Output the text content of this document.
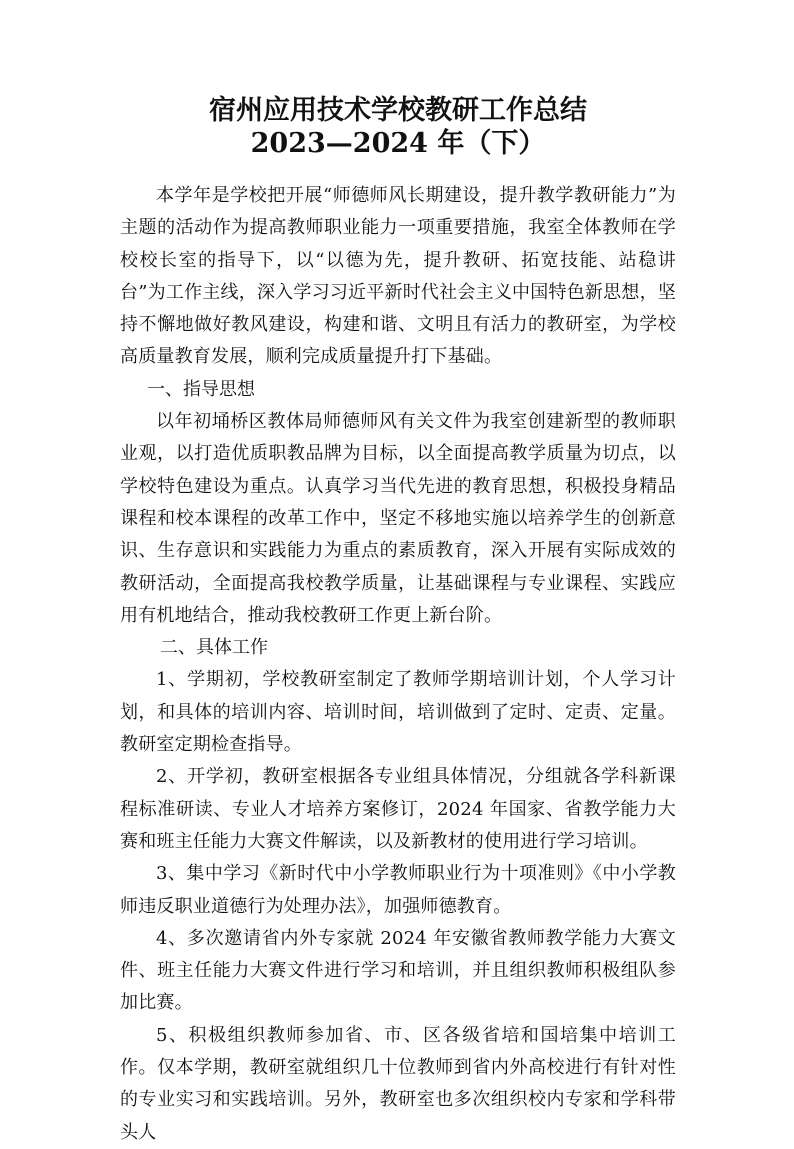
宿州应用技术学校教研工作总结

2023—2024 年（下）

本学年是学校把开展“师德师风长期建设，提升教学教研能力”为主题的活动作为提高教师职业能力一项重要措施，我室全体教师在学校校长室的指导下，以“以德为先，提升教研、拓宽技能、站稳讲台”为工作主线，深入学习习近平新时代社会主义中国特色新思想，坚持不懈地做好教风建设，构建和谐、文明且有活力的教研室，为学校高质量教育发展，顺利完成质量提升打下基础。

一、指导思想

以年初埇桥区教体局师德师风有关文件为我室创建新型的教师职业观，以打造优质职教品牌为目标，以全面提高教学质量为切点，以学校特色建设为重点。认真学习当代先进的教育思想，积极投身精品课程和校本课程的改革工作中，坚定不移地实施以培养学生的创新意识、生存意识和实践能力为重点的素质教育，深入开展有实际成效的教研活动，全面提高我校教学质量，让基础课程与专业课程、实践应用有机地结合，推动我校教研工作更上新台阶。

二、具体工作

1、学期初，学校教研室制定了教师学期培训计划，个人学习计划，和具体的培训内容、培训时间，培训做到了定时、定责、定量。教研室定期检查指导。

2、开学初，教研室根据各专业组具体情况，分组就各学科新课程标准研读、专业人才培养方案修订，2024 年国家、省教学能力大赛和班主任能力大赛文件解读，以及新教材的使用进行学习培训。

3、集中学习《新时代中小学教师职业行为十项准则》《中小学教师违反职业道德行为处理办法》，加强师德教育。

4、多次邀请省内外专家就 2024 年安徽省教师教学能力大赛文件、班主任能力大赛文件进行学习和培训，并且组织教师积极组队参加比赛。

5、积极组织教师参加省、市、区各级省培和国培集中培训工作。仅本学期，教研室就组织几十位教师到省内外高校进行有针对性的专业实习和实践培训。另外，教研室也多次组织校内专家和学科带头人
